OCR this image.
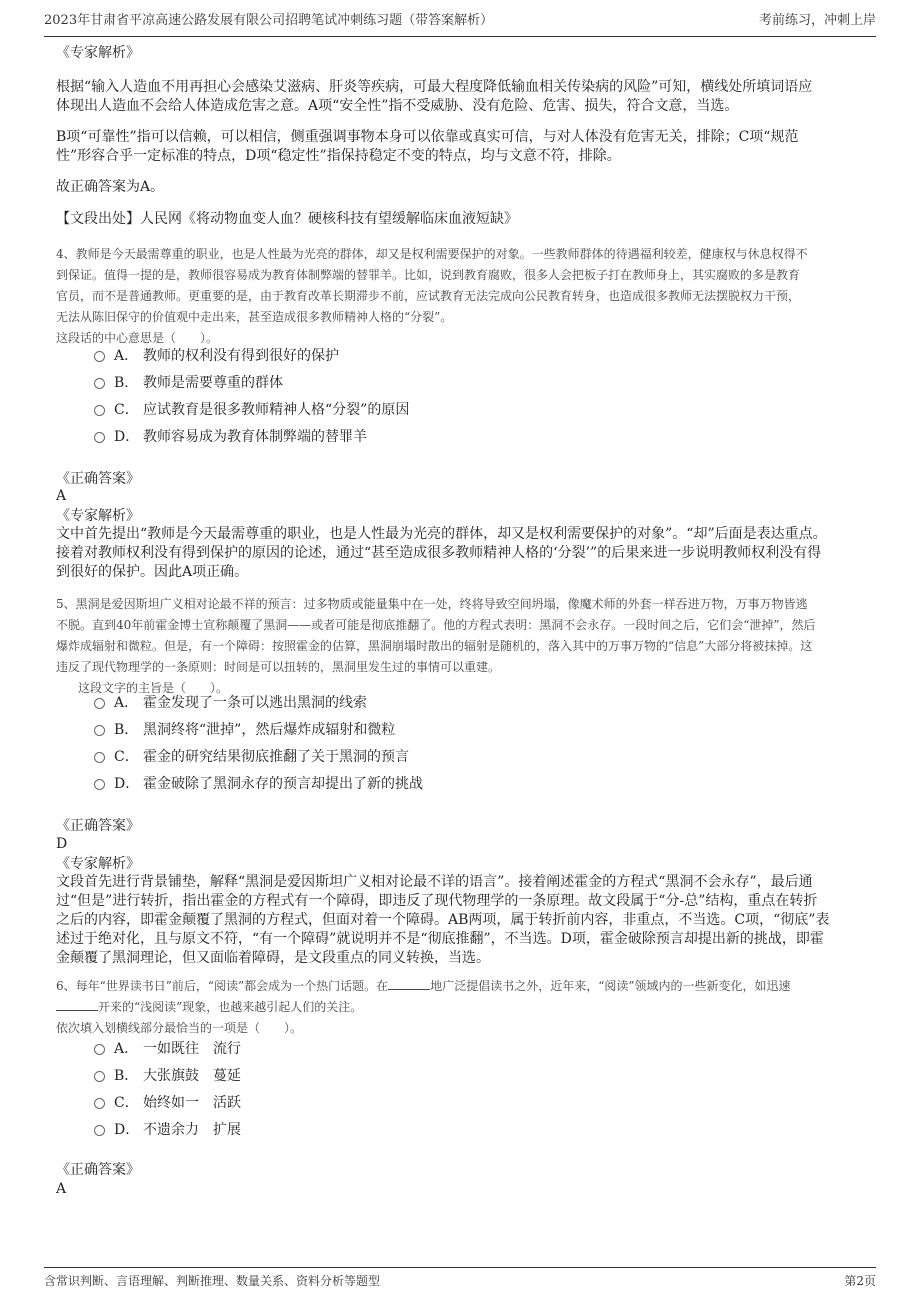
2023年甘肃省平凉高速公路发展有限公司招聘笔试冲刺练习题（带答案解析）	考前练习，冲刺上岸
《专家解析》
根据“输入人造血不用再担心会感染艾滋病、肝炎等疾病，可最大程度降低输血相关传染病的风险”可知，横线处所填词语应
体现出人造血不会给人体造成危害之意。A项“安全性”指不受威胁、没有危险、危害、损失，符合文意，当选。
B项“可靠性”指可以信赖，可以相信，侧重强调事物本身可以依靠或真实可信，与对人体没有危害无关，排除；C项“规范
性”形容合乎一定标准的特点，D项“稳定性”指保持稳定不变的特点，均与文意不符，排除。
故正确答案为A。
【文段出处】人民网《将动物血变人血？硬核科技有望缓解临床血液短缺》
4、教师是今天最需尊重的职业，也是人性最为光亮的群体，却又是权利需要保护的对象。一些教师群体的待遇福利较差，健康权与休息权得不
到保证。值得一提的是，教师很容易成为教育体制弊端的替罪羊。比如，说到教育腐败，很多人会把板子打在教师身上，其实腐败的多是教育
官员，而不是普通教师。更重要的是，由于教育改革长期滞步不前，应试教育无法完成向公民教育转身，也造成很多教师无法摆脱权力干预，
无法从陈旧保守的价值观中走出来，甚至造成很多教师精神人格的“分裂”。
这段话的中心意思是（　　）。
A． 教师的权利没有得到很好的保护
B． 教师是需要尊重的群体
C． 应试教育是很多教师精神人格“分裂”的原因
D． 教师容易成为教育体制弊端的替罪羊
《正确答案》
A
《专家解析》
文中首先提出“教师是今天最需尊重的职业，也是人性最为光亮的群体，却又是权利需要保护的对象”。“却”后面是表达重点。
接着对教师权利没有得到保护的原因的论述，通过“甚至造成很多教师精神人格的‘分裂’”的后果来进一步说明教师权利没有得
到很好的保护。因此A项正确。
5、黑洞是爱因斯坦广义相对论最不祥的预言：过多物质或能量集中在一处，终将导致空间坍塌，像魔术师的外套一样吞进万物，万事万物皆逃
不脱。直到40年前霍金博士宣称颠覆了黑洞——或者可能是彻底推翻了。他的方程式表明：黑洞不会永存。一段时间之后，它们会“泄掉”，然后
爆炸成辐射和微粒。但是，有一个障碍：按照霍金的估算，黑洞崩塌时散出的辐射是随机的，落入其中的万事万物的“信息”大部分将被抹掉。这
违反了现代物理学的一条原则：时间是可以扭转的，黑洞里发生过的事情可以重建。
这段文字的主旨是（　　）。
A． 霍金发现了一条可以逃出黑洞的线索
B． 黑洞终将“泄掉”，然后爆炸成辐射和微粒
C． 霍金的研究结果彻底推翻了关于黑洞的预言
D． 霍金破除了黑洞永存的预言却提出了新的挑战
《正确答案》
D
《专家解析》
文段首先进行背景铺垫，解释“黑洞是爱因斯坦广义相对论最不详的语言”。接着阐述霍金的方程式“黑洞不会永存”，最后通
过“但是”进行转折，指出霍金的方程式有一个障碍，即违反了现代物理学的一条原理。故文段属于“分-总”结构，重点在转折
之后的内容，即霍金颠覆了黑洞的方程式，但面对着一个障碍。AB两项，属于转折前内容，非重点，不当选。C项，“彻底”表
述过于绝对化，且与原文不符，“有一个障碍”就说明并不是“彻底推翻”，不当选。D项，霍金破除预言却提出新的挑战，即霍
金颠覆了黑洞理论，但又面临着障碍，是文段重点的同义转换，当选。
6、每年“世界读书日”前后，“阅读”都会成为一个热门话题。在	地广泛提倡读书之外，近年来，“阅读”领域内的一些新变化，如迅速
开来的“浅阅读”现象，也越来越引起人们的关注。
依次填入划横线部分最恰当的一项是（　　）。
A． 一如既往　流行
B． 大张旗鼓　蔓延
C． 始终如一　活跃
D． 不遗余力　扩展
《正确答案》
A
含常识判断、言语理解、判断推理、数量关系、资料分析等题型	第2页
